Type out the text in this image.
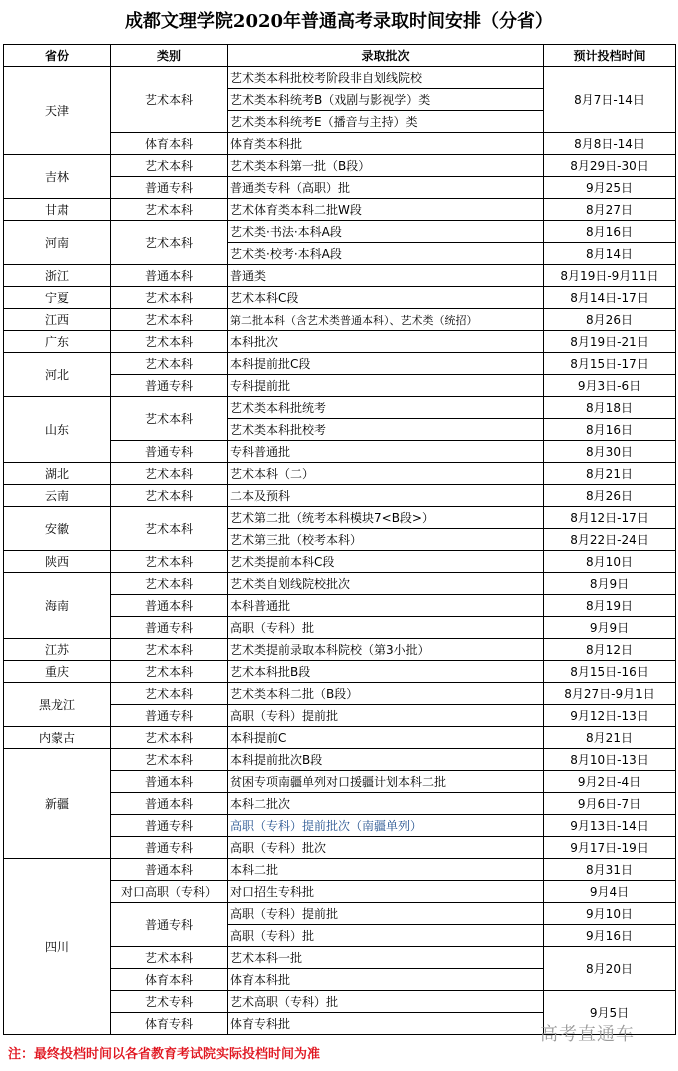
成都文理学院2020年普通高考录取时间安排（分省）
省份	类别	录取批次	预计投档时间
天津	艺术本科	艺术类本科批校考阶段非自划线院校	8月7日-14日
		艺术类本科统考B（戏剧与影视学）类	
		艺术类本科统考E（播音与主持）类	
	体育本科	体育类本科批	8月8日-14日
吉林	艺术本科	艺术类本科第一批（B段）	8月29日-30日
	普通专科	普通类专科（高职）批	9月25日
甘肃	艺术本科	艺术体育类本科二批W段	8月27日
河南	艺术本科	艺术类·书法·本科A段	8月16日
		艺术类·校考·本科A段	8月14日
浙江	普通本科	普通类	8月19日-9月11日
宁夏	艺术本科	艺术本科C段	8月14日-17日
江西	艺术本科	第二批本科（含艺术类普通本科）、艺术类（统招）	8月26日
广东	艺术本科	本科批次	8月19日-21日
河北	艺术本科	本科提前批C段	8月15日-17日
	普通专科	专科提前批	9月3日-6日
山东	艺术本科	艺术类本科批统考	8月18日
		艺术类本科批校考	8月16日
	普通专科	专科普通批	8月30日
湖北	艺术本科	艺术本科（二）	8月21日
云南	艺术本科	二本及预科	8月26日
安徽	艺术本科	艺术第二批（统考本科模块7<B段>）	8月12日-17日
		艺术第三批（校考本科）	8月22日-24日
陕西	艺术本科	艺术类提前本科C段	8月10日
海南	艺术本科	艺术类自划线院校批次	8月9日
	普通本科	本科普通批	8月19日
	普通专科	高职（专科）批	9月9日
江苏	艺术本科	艺术类提前录取本科院校（第3小批）	8月12日
重庆	艺术本科	艺术本科批B段	8月15日-16日
黑龙江	艺术本科	艺术类本科二批（B段）	8月27日-9月1日
	普通专科	高职（专科）提前批	9月12日-13日
内蒙古	艺术本科	本科提前C	8月21日
新疆	艺术本科	本科提前批次B段	8月10日-13日
	普通本科	贫困专项南疆单列对口援疆计划本科二批	9月2日-4日
	普通本科	本科二批次	9月6日-7日
	普通专科	高职（专科）提前批次（南疆单列）	9月13日-14日
	普通专科	高职（专科）批次	9月17日-19日
四川	普通本科	本科二批	8月31日
	对口高职（专科）	对口招生专科批	9月4日
	普通专科	高职（专科）提前批	9月10日
		高职（专科）批	9月16日
	艺术本科	艺术本科一批	8月20日
	体育本科	体育本科批	
	艺术专科	艺术高职（专科）批	9月5日
	体育专科	体育专科批		高考直通车
注：最终投档时间以各省教育考试院实际投档时间为准
